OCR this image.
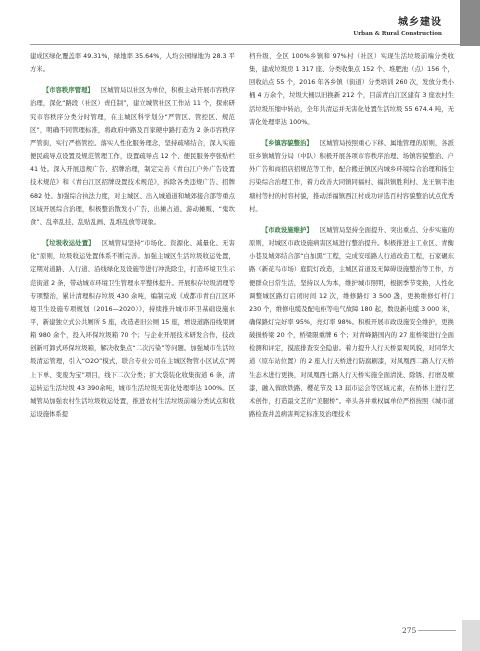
城乡建设
Urban & Rural Construction

建成区绿化覆盖率 49.31%，绿地率 35.64%，人均公园绿地为 28.3 平方米。

【市容秩序管理】 区城管局以社区为单位，积极主动开展市容秩序治理，深化“路段（社区）责任制”，建立城管社区工作站 11 个，探索研究市容秩序分类分时管理，在主城区科学划分“严管区、管控区、规范区”，明确不同管理标准，将政府中路及百家硬中路打造为 2 条市容秩序严管街，实行严格管控。落实人性化服务理念，坚持疏堵结合，深入实施便民疏导点设置及规范管理工作，设置疏导点 12 个、便民服务亭张贴栏 41 处。深入开展违规广告、招牌治理，制定完善《青白江户外广告设置技术规范》和《青白江区招牌设置技术规范》，拆除各类违规广告、招牌 682 处。加强综合执法力度，对主城区、出入城通道和城郊接合部等重点区域开展综合治理，积极整治散发小广告、出摊占道、游动摊贩、“鬼坎食”、乱牵乱挂、乱贴乱画、乱堆乱放等现象。

【垃圾收运处置】 区城管局坚持“市场化、资源化、减量化、无害化”原则，垃圾收运处置体系不断完善。加强主城区生活垃圾收运处置，定期对道路、人行道、沿线绿化及设施等进行冲洗除尘，打造环境卫生示范街道 2 条，带动城市环境卫生管理水平整体提升。开展积存垃圾清理等专项整治，累计清理积存垃圾 430 余吨，编制完成《成都市青白江区环境卫生设施专项规划（2016—2020）》，持续推升城市环卫基础设施水平，新建独立式公共厕所 5 座，改造老旧公厕 15 座，增设道路沿线果屑箱 980 余个，投入环保垃圾箱 70 个；与企业开展技术研发合作，技改创新可卸式环保垃圾箱，解决收集点“二次污染”等问题。加强城市生活垃圾清运管理，引入“O2O”模式，联合专业公司在主城区物管小区试点“网上下单、变废为宝”项目，线下二次分类；扩大袋装化收集街道 6 条，清运转运生活垃圾 43 390余吨，城市生活垃圾无害化处理率达 100%。区城管局加强农村生活垃圾收运处置，推进农村生活垃圾前端分类试点和收运设施体系提

档升级，全区 100%乡镇和 97%村（社区）实现生活垃圾前端分类收集，建成垃圾房 1 317 座、分类收集点 152 个、堆肥池（点）156 个，回收站点 55 个，2016 年各乡镇（街道）分类培训 260 次，发放分类小桶 4 万余个，垃圾大桶以旧换新 212 个，目前青白江区建有 3 座农村生活垃圾压缩中转站，全年共清运并无害化处置生活垃圾 55 674.4 吨，无害化处理率达 100%。

【乡镇容貌整治】 区城管局按照重心下移、属地管理的原则，各派驻乡镇城管分局（中队）积极开展各项市容秩序治理、场镇容貌整治、户外广告和商招店招规范等工作，配合搬迁镇区内城乡环境综合治理和扬尘污染综合治理工作，着力改善大同镇同福村、福洪镇胜利村、龙王镇半池塘村等村的村容村貌，推动洋福镇西江村成功评选百村容貌整治试点优秀村。

【市政设施维护】 区城管局坚持全面提升、突出重点、分步实施的原则，对城区市政设施病害区域进行整治提升。积极推进主工业区、青衡小巷及城郊结合部“白加黑”工程，完成安瑶路人行道改造工程，石家碾东路（新花鸟市场）庭院灯改造，主城区首道及无障碍设施整治等工作，方便群众日常生活，坚持以人为本，维护城市照明，根据季节变换，人性化调整城区路灯启闭时间 12 次，维修路灯 3 500 盏，更换维修灯杆门 230 个，维修电缆及配电柜等电气故障 180 起，数设新电缆 3 000 米，确保路灯完好率 95%，亮灯率 98%。积极开展市政设施安全维护，更换破损桥梁 20 个，桥梁限重牌 6 个；对青峰路国内的 27 座桥梁进行全面检测和评定，摸底排查安全隐患。着力提升人行天桥景观风貌，对同华大道（原车站位置）的 2 座人行天桥进行防腐刷漆，对凤凰西二路人行天桥生态木进行更换，对凤凰西七路人行天桥实施全面清洗、除锈、打磨及喷漆，融入蓉欧铁路、樱花节及 13 届市运会等区域元素，在桥体上进行艺术创作，打造最文艺的“美腿桥”。牵头各并重权属单位严格按照《城市道路检查井盖病害判定标准及治理技术

275
